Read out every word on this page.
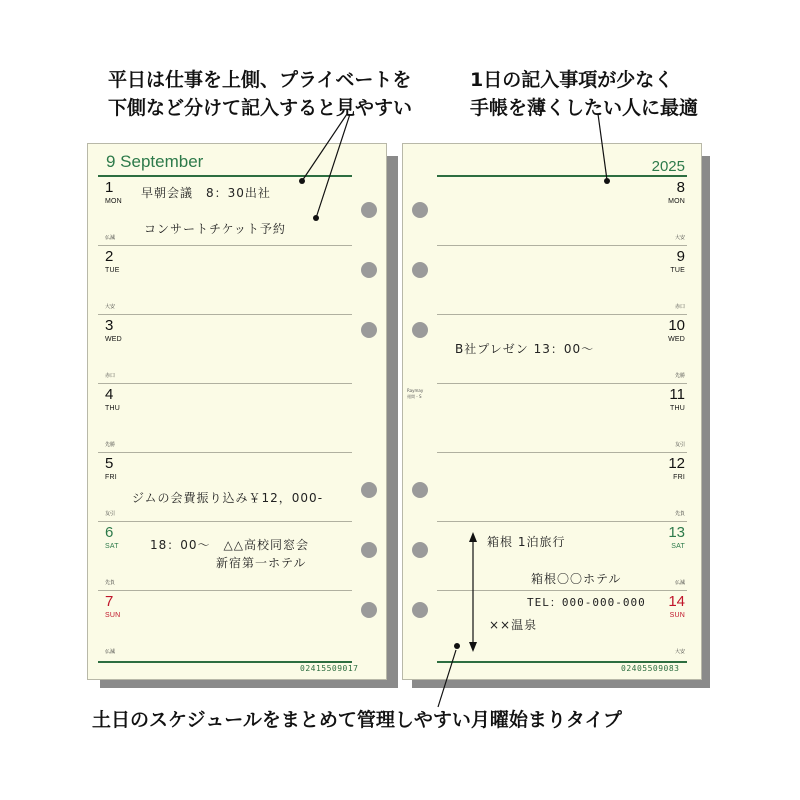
平日は仕事を上側、プライベートを
下側など分けて記入すると見やすい
1日の記入事項が少なく
手帳を薄くしたい人に最適
土日のスケジュールをまとめて管理しやすい月曜始まりタイプ
9 September
1
MON
仏滅
2
TUE
大安
3
WED
赤口
4
THU
先勝
5
FRI
友引
6
SAT
先負
7
SUN
仏滅
早朝会議　8：30出社
コンサートチケット予約
ジムの会費振り込み￥12，000-
18：00～　△△高校同窓会
新宿第一ホテル
02415509017
2025
8
MON
大安
9
TUE
赤口
10
WED
先勝
11
THU
友引
12
FRI
先負
13
SAT
仏滅
14
SUN
大安
Raymay
週間・S
B社プレゼン 13：00～
箱根 1泊旅行
箱根〇〇ホテル
TEL：000-000-000
××温泉
02405509083
